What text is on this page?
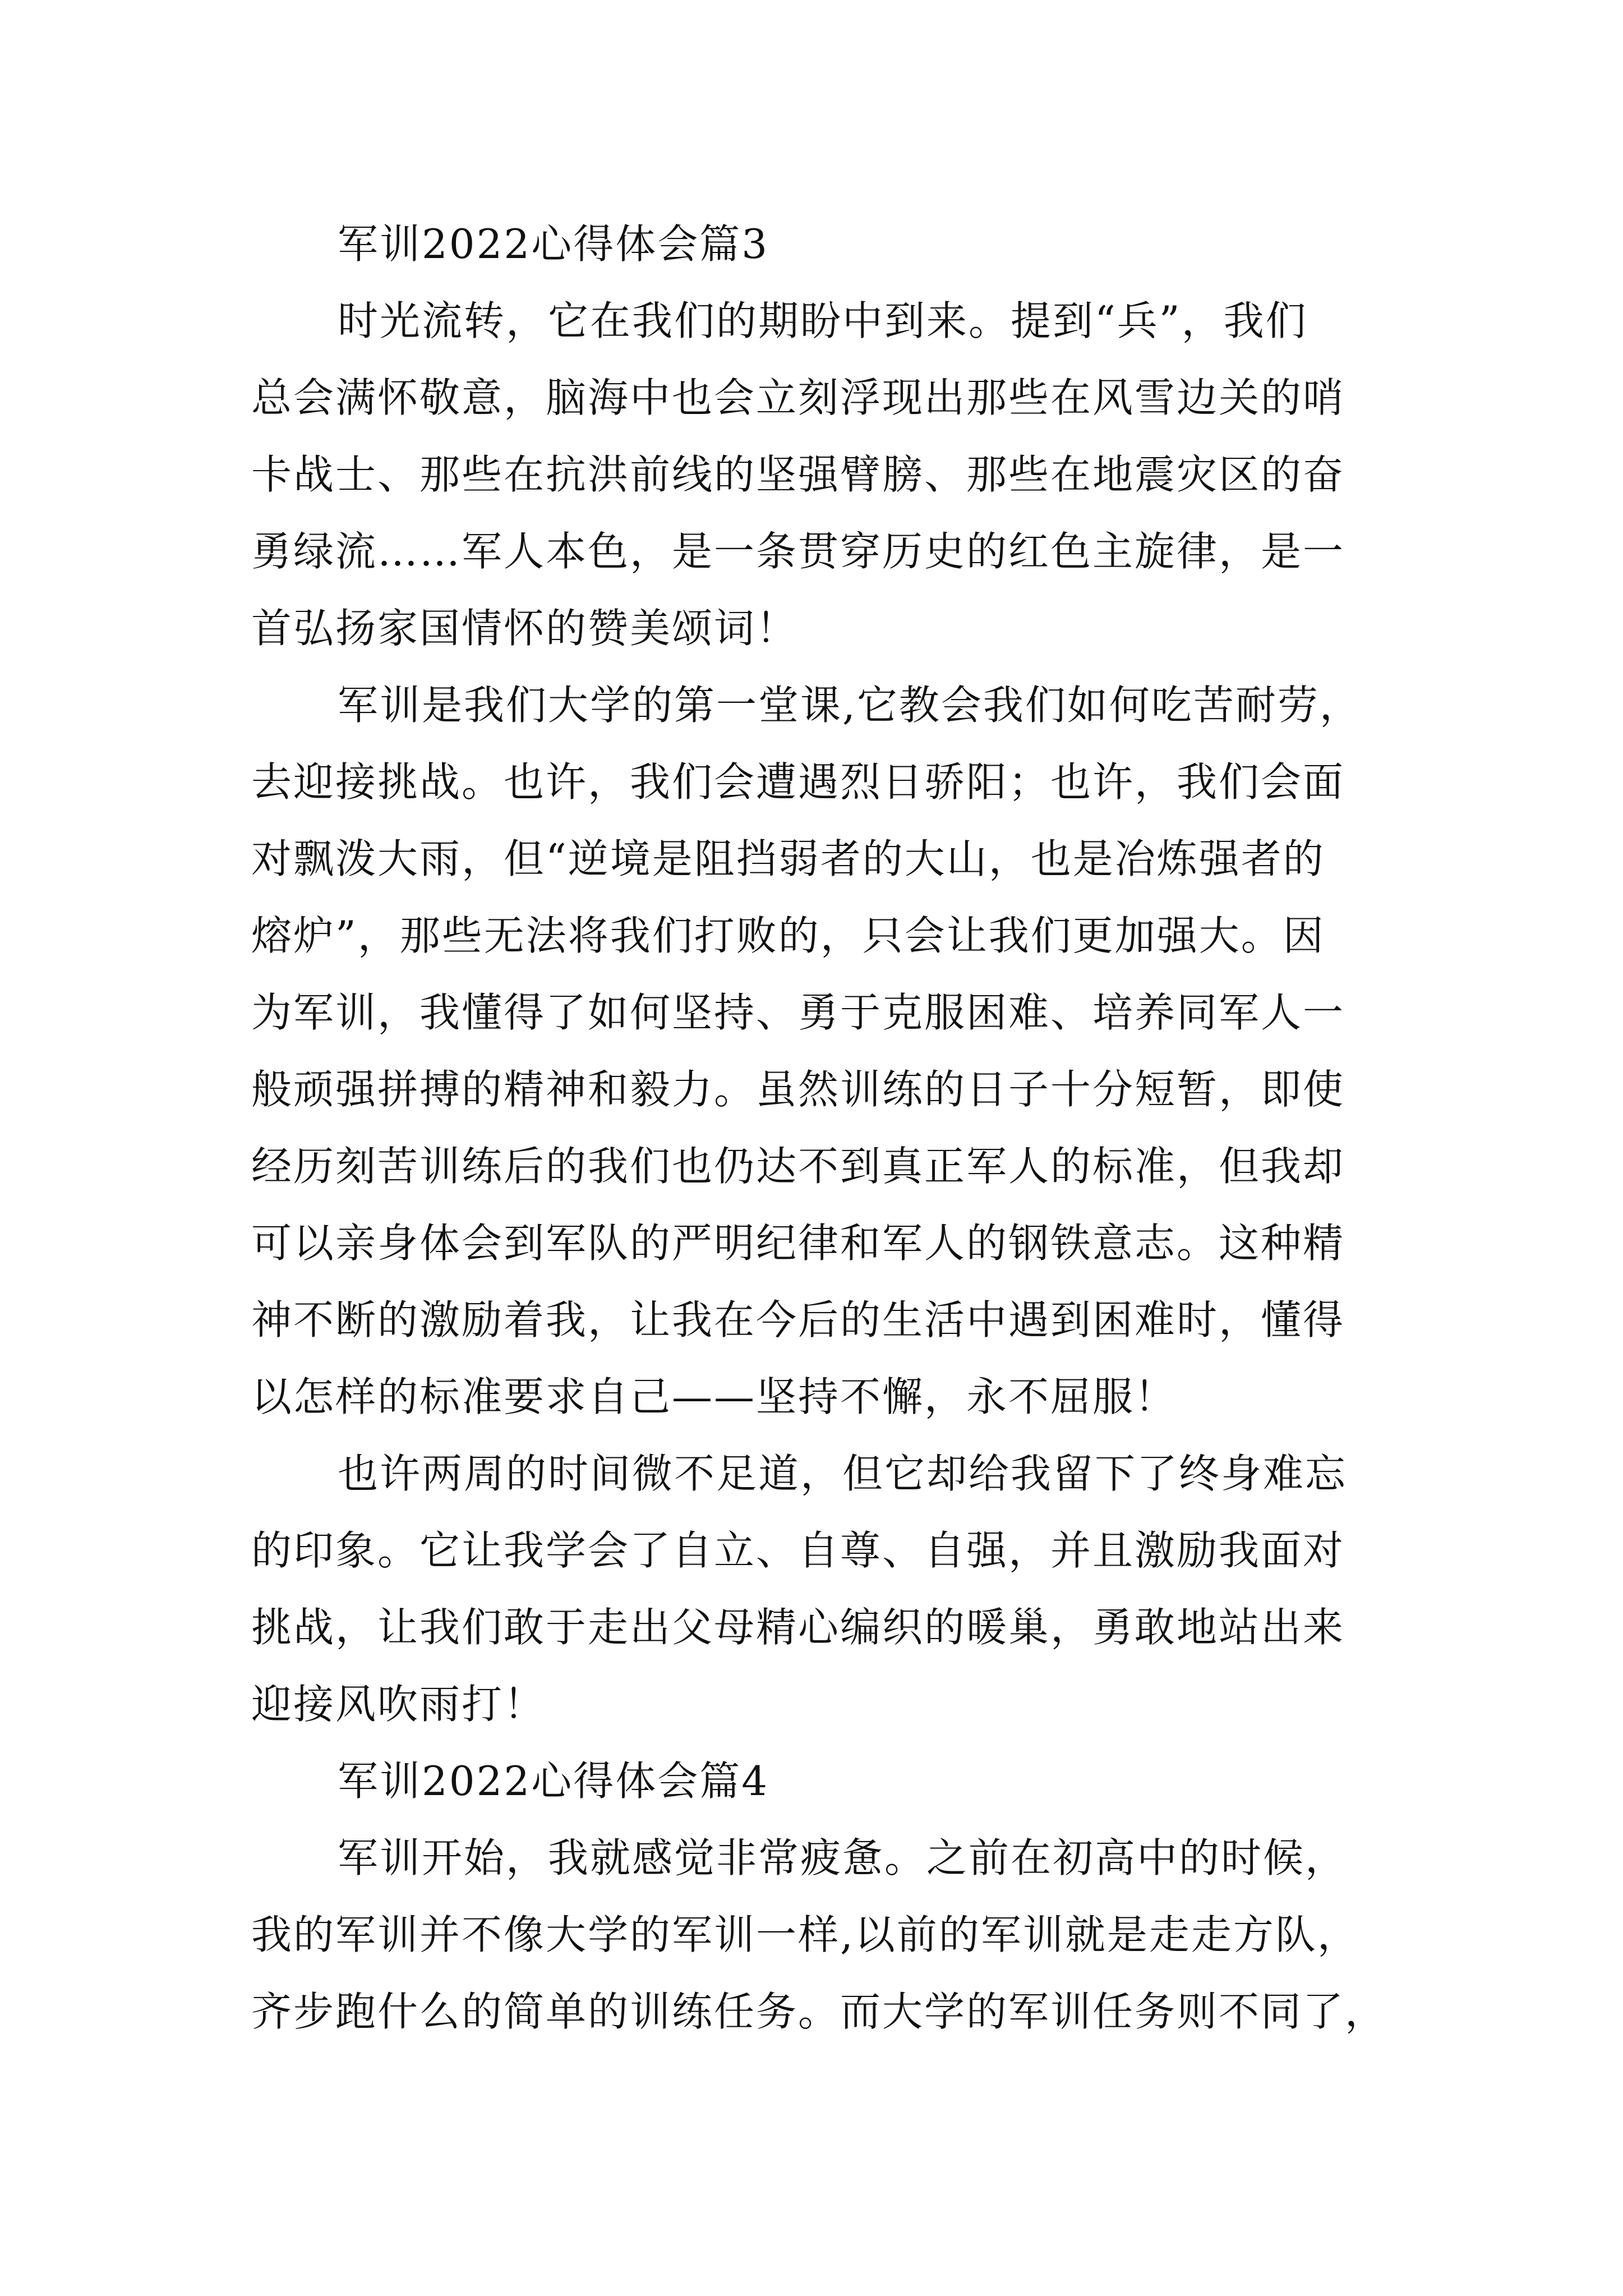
军训2022心得体会篇3
时光流转，它在我们的期盼中到来。提到“兵”，我们
总会满怀敬意，脑海中也会立刻浮现出那些在风雪边关的哨
卡战士、那些在抗洪前线的坚强臂膀、那些在地震灾区的奋
勇绿流……军人本色，是一条贯穿历史的红色主旋律，是一
首弘扬家国情怀的赞美颂词！
军训是我们大学的第一堂课,它教会我们如何吃苦耐劳，
去迎接挑战。也许，我们会遭遇烈日骄阳；也许，我们会面
对飘泼大雨，但“逆境是阻挡弱者的大山，也是冶炼强者的
熔炉”，那些无法将我们打败的，只会让我们更加强大。因
为军训，我懂得了如何坚持、勇于克服困难、培养同军人一
般顽强拼搏的精神和毅力。虽然训练的日子十分短暂，即使
经历刻苦训练后的我们也仍达不到真正军人的标准，但我却
可以亲身体会到军队的严明纪律和军人的钢铁意志。这种精
神不断的激励着我，让我在今后的生活中遇到困难时，懂得
以怎样的标准要求自己——坚持不懈，永不屈服！
也许两周的时间微不足道，但它却给我留下了终身难忘
的印象。它让我学会了自立、自尊、自强，并且激励我面对
挑战，让我们敢于走出父母精心编织的暖巢，勇敢地站出来
迎接风吹雨打！
军训2022心得体会篇4
军训开始，我就感觉非常疲惫。之前在初高中的时候，
我的军训并不像大学的军训一样,以前的军训就是走走方队，
齐步跑什么的简单的训练任务。而大学的军训任务则不同了，
